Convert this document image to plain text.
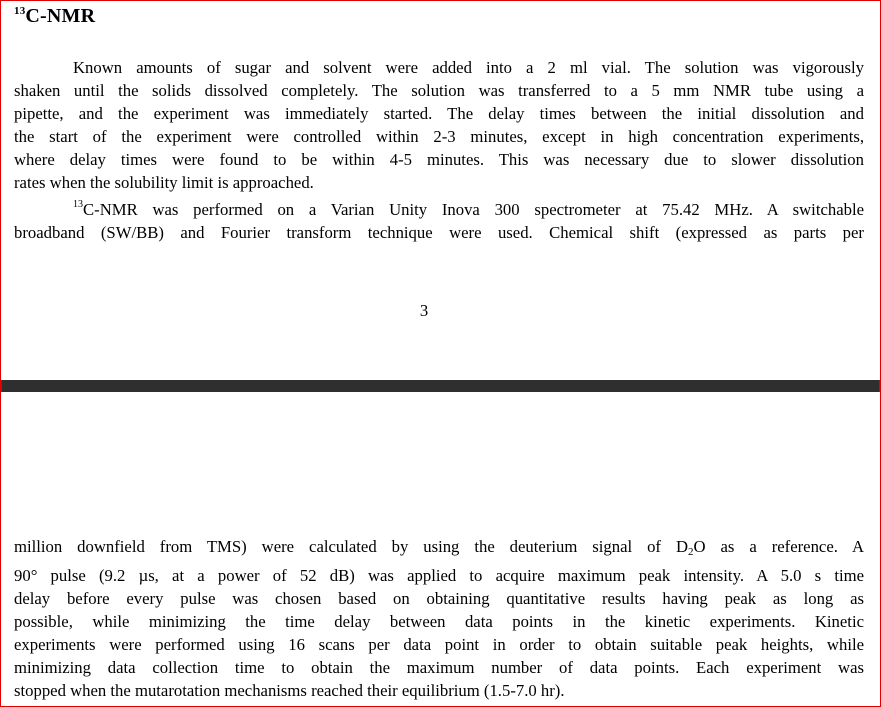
$^{13}$C-NMR

Known amounts of sugar and solvent were added into a 2 ml vial. The solution was vigorously
shaken until the solids dissolved completely. The solution was transferred to a 5 mm NMR tube using a
pipette, and the experiment was immediately started. The delay times between the initial dissolution and
the start of the experiment were controlled within 2-3 minutes, except in high concentration experiments,
where delay times were found to be within 4-5 minutes. This was necessary due to slower dissolution
rates when the solubility limit is approached.

$^{13}$C-NMR was performed on a Varian Unity Inova 300 spectrometer at 75.42 MHz. A switchable
broadband (SW/BB) and Fourier transform technique were used. Chemical shift (expressed as parts per

3

million downfield from TMS) were calculated by using the deuterium signal of D2O as a reference. A
90° pulse (9.2 µs, at a power of 52 dB) was applied to acquire maximum peak intensity. A 5.0 s time
delay before every pulse was chosen based on obtaining quantitative results having peak as long as
possible, while minimizing the time delay between data points in the kinetic experiments. Kinetic
experiments were performed using 16 scans per data point in order to obtain suitable peak heights, while
minimizing data collection time to obtain the maximum number of data points. Each experiment was
stopped when the mutarotation mechanisms reached their equilibrium (1.5-7.0 hr).
